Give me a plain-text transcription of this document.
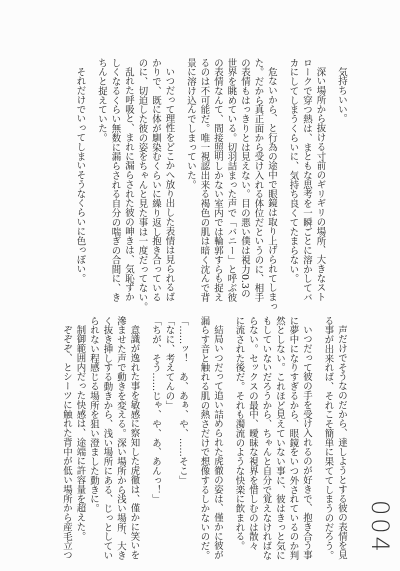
気持ちいい。
深い場所から抜ける寸前のギリギリの場所、大きなスト
ロークで穿つ熱は、まともな思考を一瞬ごとに溶かしてバ
カにしてしまうくらいに、気持ち良くてたまらない。
危ないから、と行為の途中で眼鏡は取り上げられてしまっ
た。だから真正面から受け入れる体位だというのに、相手
の表情もはっきりとは見えない。目の悪い僕は視力0.3の
世界を眺めている。切羽詰まった声で「バニー」と呼ぶ彼
の表情なんて、間接照明しかない室内では輪郭すらも捉え
るのは不可能だ。唯一視認出来る褐色の肌は暗く沈んで背
景に溶け込んでしまっていた。
いつだって理性をどこかへ放り出した表情は見られるば
かりで、既に体が馴染むくらいに繰り返し抱き合っている
のに、切迫した彼の姿をちゃんと見た事は一度だってない。
乱れた呼吸と、まれに漏らされた彼の呻きは、気恥ずか
しくなるくらい無数に漏らされる自分の喘ぎの合間に、き
ちんと捉えていた。
それだけでいってしまいそうなくらいに色っぽい。
声だけでそうなのだから、達しようとする彼の表情を見
る事が出来れば、それこそ簡単に果ててしまうのだろう。
いつだって彼の手を受け入れるのが好きで、抱き合う事
に夢中になりすぎるから、眼鏡をいつ外されているのか判
然としない。これほど見えていない事に、彼はきっと気に
もしていないだろうから、ちゃんと自分で覚えなければな
らない。セックスの最中、曖昧な視界を惜しむのは散々
に流された後だ。それも濁流のような快楽に飲まれる。
結局いつだって追い詰められた虎徹の姿は、僅かに彼が
漏らす音と触れる肌の熱さだけで想像するしかないのだ。
「……ッ！　あ、あぁ、や、……そこ」
「なに、考えてんの」
「ちが、そう……じゃ、や、あ、あんっ！」
意識が逸れた事を敏感に察知した虎徹は、僅かに笑いを
滲ませた声で動きを変える。深い場所から浅い場所、大き
く抜き挿しする動きから、浅い場所にある、じっとしてい
られない程感じる場所を狙い澄ました動きに。
制御範囲内だった快感は、途端に許容量を超えた。
ぞぞぞ、とシーツに触れた背中が低い場所から産毛立つ	004
